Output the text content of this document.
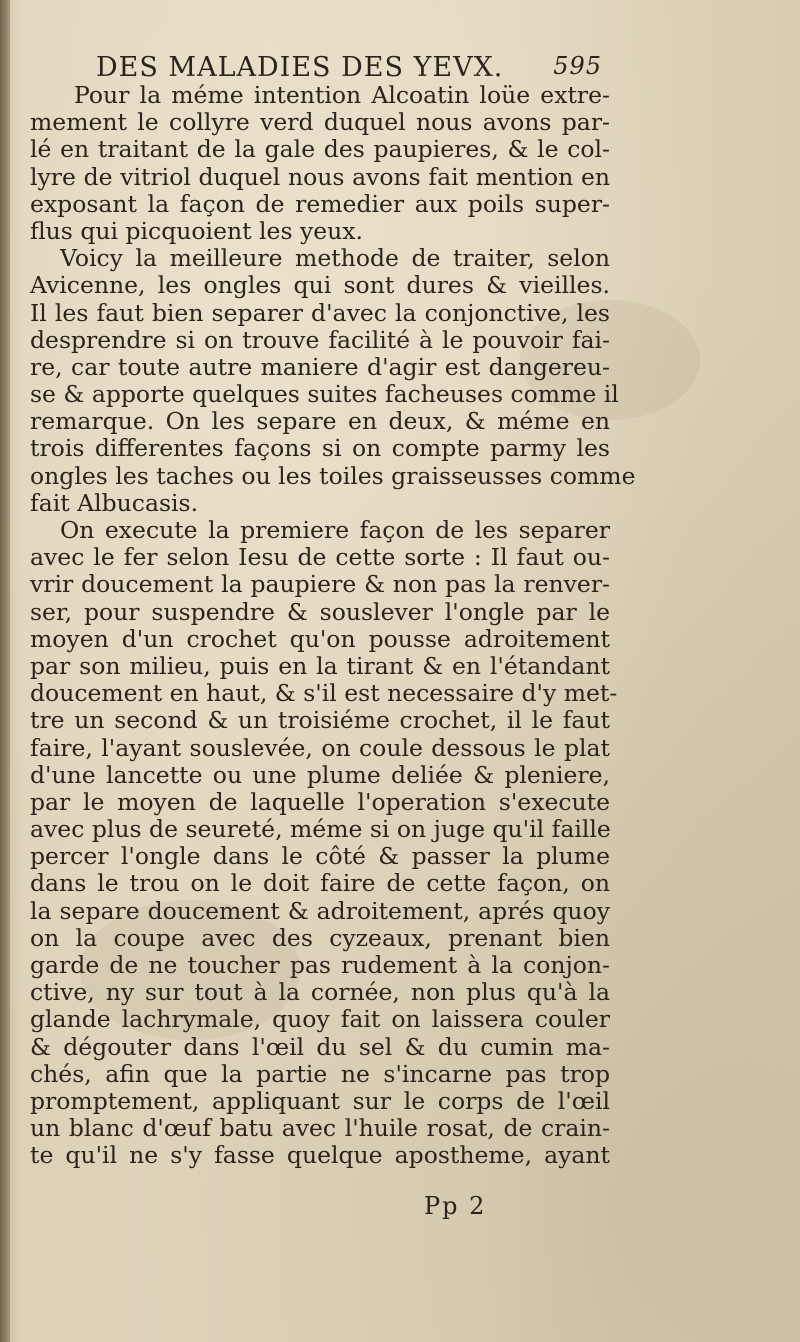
DES MALADIES DES YEVX. 595
Pour la méme intention Alcoatin loüe extre-
mement le collyre verd duquel nous avons par-
lé en traitant de la gale des paupieres, & le col-
lyre de vitriol duquel nous avons fait mention en
exposant la façon de remedier aux poils super-
flus qui picquoient les yeux.
Voicy la meilleure methode de traiter, selon
Avicenne, les ongles qui sont dures & vieilles.
Il les faut bien separer d'avec la conjonctive, les
desprendre si on trouve facilité à le pouvoir fai-
re, car toute autre maniere d'agir est dangereu-
se & apporte quelques suites facheuses comme il
remarque. On les separe en deux, & méme en
trois differentes façons si on compte parmy les
ongles les taches ou les toiles graisseusses comme
fait Albucasis.
On execute la premiere façon de les separer
avec le fer selon Iesu de cette sorte : Il faut ou-
vrir doucement la paupiere & non pas la renver-
ser, pour suspendre & souslever l'ongle par le
moyen d'un crochet qu'on pousse adroitement
par son milieu, puis en la tirant & en l'étandant
doucement en haut, & s'il est necessaire d'y met-
tre un second & un troisiéme crochet, il le faut
faire, l'ayant souslevée, on coule dessous le plat
d'une lancette ou une plume deliée & pleniere,
par le moyen de laquelle l'operation s'execute
avec plus de seureté, méme si on juge qu'il faille
percer l'ongle dans le côté & passer la plume
dans le trou on le doit faire de cette façon, on
la separe doucement & adroitement, aprés quoy
on la coupe avec des cyzeaux, prenant bien
garde de ne toucher pas rudement à la conjon-
ctive, ny sur tout à la cornée, non plus qu'à la
glande lachrymale, quoy fait on laissera couler
& dégouter dans l'œil du sel & du cumin ma-
chés, afin que la partie ne s'incarne pas trop
promptement, appliquant sur le corps de l'œil
un blanc d'œuf batu avec l'huile rosat, de crain-
te qu'il ne s'y fasse quelque apostheme, ayant
Pp 2
